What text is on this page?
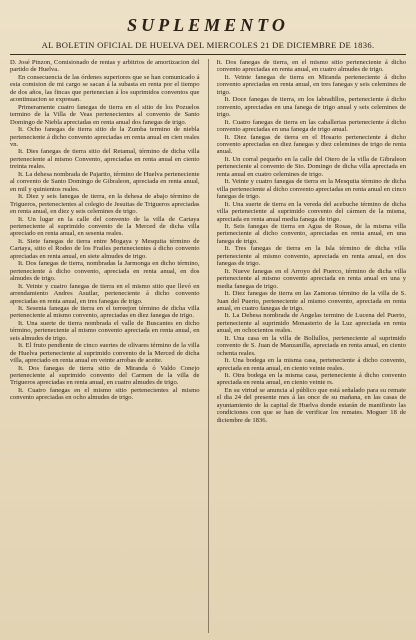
SUPLEMENTO
AL BOLETIN OFICIAL DE HUELVA DEL MIERCOLES 21 DE DICIEMBRE DE 1836.

D. José Pinzon, Comisionado de rentas y arbitrios de amortizacion del partido de Huelva.

En consecuencia de las órdenes superiores que se han comunicado á esta comision de mi cargo se sacan á la subasta en renta por el tiempo de dos años, las fincas que pertenecian á los suprimidos conventos que acontinuacion se expresan.

Primeramente cuatro fanegas de tierra en el sitio de los Pozuelos termino de la Villa de Veas pertenecientes al convento de Santo Domingo de Niebla apreciadas en renta anual dos fanegas de trigo.

It. Ocho fanegas de tierra sitio de la Zumba termino de niebla perteneciente á dicho convento apreciadas en renta anual en cien reales vn.

It. Dies fanegas de tierra sitio del Retamal, término de dicha villa perteneciente al mismo Convento, apreciadas en renta anual en ciento treinta reales.

It. La dehesa nombrada de Pajarito, término de Huelva perteneciente al convento de Santo Domingo de Gibraleon, apreciada en renta anual, en mil y quinientos reales.

It. Diez y seis fanegas de tierra, en la dehesa de abajo término de Trigueros, pertenecientes al colegio de Jesuitas de Trigueros apreciadas en renta anual, en diez y seis celemines de trigo.

It. Un lugar en la calle del convento de la villa de Cartaya perteneciente al suprimido convento de la Merced de dicha villa apreciado en renta anual, en sesenta reales.

It. Siete fanegas de tierra entre Mogaya y Mesquita término de Cartaya, sitio el Rodeo de los Frailes pertenecientes á dicho convento apreciadas en renta anual, en siete almudes de trigo.

It. Dos fanegas de tierra, nombradas la Jarmonga en dicho término, perteneciente á dicho convento, apreciada en renta anual, en dos almudes de trigo.

It. Veinte y cuatro fanegas de tierra en el mismo sitio que llevó en arrendamiento Andres Asuilar, perteneciente á dicho convento apreciadas en renta anual, en tres fanegas de trigo.

It. Sesenta fanegas de tierra en el terreejon término de dicha villa perteneciente al mismo convento, apreciadas en diez fanegas de trigo.

It. Una suerte de tierra nombrada el valle de Buscantes en dicho término, perteneciente al mismo convento apreciada en renta anual, en seis almudes de trigo.

It. El fruto pendiente de cinco suertes de olivares término de la villa de Huelva perteneciente al suprimido convento de la Merced de dicha villa, apreciado en renta anual en veinte arrobas de aceite.

It. Dos fanegas de tierra sitio de Miranda ó Valdo Conejo perteneciente al suprimido convento del Carmen de la villa de Trigueros apreciadas en renta anual, en cuatro almudes de trigo.

It. Cuatro fanegas en el mismo sitio pertenecientes al mismo convento apreciadas en ocho almudes de trigo.

It. Dos fanegas de tierra, en el mismo sitio perteneciente á dicho convento apreciadas en renta anual, en cuatro almudes de trigo.

It. Veinte fanegas de tierra en Miranda perteneciente á dicho convento apreciadas en renta anual, en tres fanegas y seis celemines de trigo.

It. Doce fanegas de tierra, en los labradillos, perteneciente á dicho convento, apreciadas en una fanega de trigo anual y seis celemines de trigo.

It. Cuatro fanegas de tierra en las caballerias perteneciente á dicho convento apreciadas en una fanega de trigo anual.

It. Diez fanegas de tierra en el Hosario perteneciente á dicho convento apreciadas en diez fanegas y diez celemines de trigo de renta anual.

It. Un corral pequeño en la calle del Otero de la villa de Gibraleon perteneciente al convento de Sto. Domingo de dicha villa apreciada en renta anual en cuatro celemines de trigo.

It. Veinte y cuatro fanegas de tierra en la Mesquita término de dicha villa perteneciente al dicho convento apreciadas en renta anual en cinco fanegas de trigo.

It. Una suerte de tierra en la vereda del acebuche término de dicha villa perteneciente al suprimido convento del cármen de la misma, apreciada en renta anual media fanega de trigo.

It. Seis fanegas de tierra en Agua de Rosas, de la misma villa perteneciente al dicho convento, apreciadas en renta anual, en una fanega de trigo.

It. Tres fanegas de tierra en la Isla término de dicha villa perteneciente al mismo convento, apreciada en renta anual, en dos fanegas de trigo.

It. Nueve fanegas en el Arroyo del Puerco, término de dicha villa perteneciente al mismo convento apreciada en renta anual en una y media fanegas de trigo.

It. Diez fanegas de tierra en las Zamoras término de la villa de S. Juan del Puerto, perteneciente al mismo convento, apreciada en renta anual, en cuatro fanegas de trigo.

It. La Dehesa nombrada de Angelas termino de Lucena del Puerto, perteneciente al suprimido Monasterio de la Luz apreciada en renta anual, en ochocientos reales.

It. Una casa en la villa de Bollullos, perteneciente al suprimido convento de S. Juan de Manzanilla, apreciada en renta anual, en ciento ochenta reales.

It. Una bodega en la misma casa, perteneciente á dicho convento, apreciada en renta anual, en ciento veinte reales.

It. Otra bodega en la misma casa, perteneciente á dicho convento apreciada en renta anual, en ciento veinte rs.

En su virtud se anuncia al público que está señalado para su remate el dia 24 del presente mes á las once de su mañana, en las casas de ayuntamiento de la capital de Huelva donde estarán de manifiesto las condiciones con que se han de verificar los remates. Moguer 18 de diciembre de 1836.
